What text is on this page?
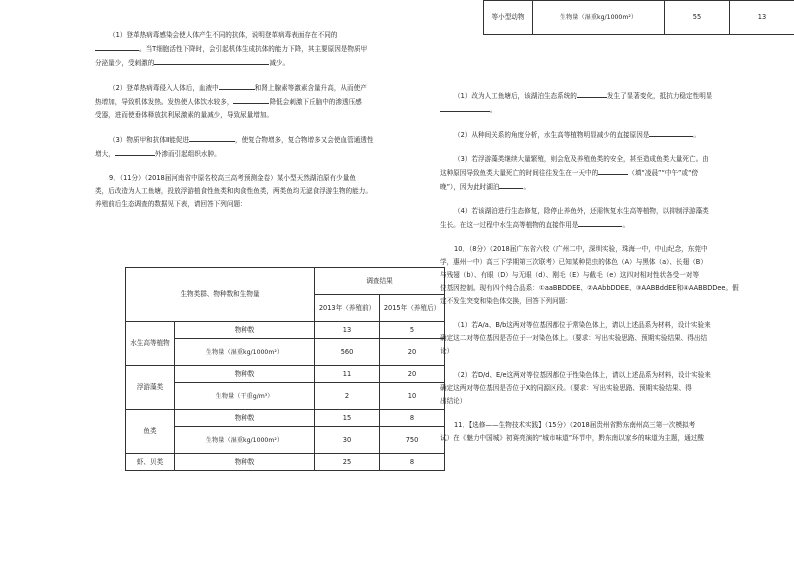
（1）登革热病毒感染会使人体产生不同的抗体，说明登革病毒表面存在不同的

。当T细胞活性下降时，会引起机体生成抗体的能力下降，其主要原因是物质甲

分泌量少，受刺激的	减少。

（2）登革热病毒侵入人体后，血液中	和肾上腺素等激素含量升高，从而使产

热增加，导致机体发热。发热使人体饮水较多，	降低会刺激下丘脑中的渗透压感

受器，进而使垂体释放抗利尿激素的量减少，导致尿量增加。

（3）物质甲和抗体Ⅱ能促进	，使复合物增多，复合物增多又会使血管通透性

增大，	外渗而引起组织水肿。

9．（11分）（2018届河南省中原名校高三高考预测金卷）某小型天然湖泊原有少量鱼

类，后改造为人工鱼塘，投放浮游植食性鱼类和肉食性鱼类，两类鱼均无滤食浮游生物的能力。

养殖前后生态调查的数据见下表，请回答下列问题：

生物类群、物种数和生物量		调查结果	
		2013年（养殖前）	2015年（养殖后）
水生高等植物	物种数	13	5
	生物量（湿重kg/1000m²）	560	20
浮游藻类	物种数	11	20
	生物量（干重g/m³）	2	10
鱼类	物种数	15	8
	生物量（湿重kg/1000m²）	30	750
虾、贝类	物种数	25	8
等小型动物	生物量（湿重kg/1000m²）	55	13

（1）改为人工鱼塘后，该湖泊生态系统的	发生了显著变化，抵抗力稳定性明显

。

（2）从种间关系的角度分析，水生高等植物明显减少的直接原因是	。

（3）若浮游藻类继续大量繁殖，则会危及养殖鱼类的安全，甚至造成鱼类大量死亡。由

这种原因导致鱼类大量死亡的时间往往发生在一天中的	（填“凌晨”“中午”或“傍

晚”），因为此时湖泊	。

（4）若该湖泊进行生态修复，除停止养鱼外，还需恢复水生高等植物，以抑制浮游藻类

生长。在这一过程中水生高等植物的直接作用是	。

10．（8分）（2018届广东省六校（广州二中，深圳实验，珠海一中，中山纪念，东莞中

学，惠州一中）高三下学期第三次联考）已知某种昆虫的体色（A）与黑体（a）、长翅（B）

与残翅（b）、有眼（D）与无眼（d）、刚毛（E）与截毛（e）这四对相对性状各受一对等

位基因控制。现有四个纯合品系：①aaBBDDEE、②AAbbDDEE、③AABBddEE和④AABBDDee。假

定不发生突变和染色体交换，回答下列问题：

（1）若A/a、B/b这两对等位基因都位于常染色体上，请以上述品系为材料，设计实验来

确定这二对等位基因是否位于一对染色体上。（要求：写出实验思路、预期实验结果、得出结

论）

（2）若D/d、E/e这两对等位基因都位于性染色体上，请以上述品系为材料，设计实验来

确定这两对等位基因是否位于X的同源区段。（要求：写出实验思路、预期实验结果、得

出结论）

11．【选修——生物技术实践】（15分）（2018届贵州省黔东南州高三第一次模拟考

试）在《魅力中国城》初赛亮演的“城市味道”环节中，黔东南以家乡的味道为主题，通过酸
